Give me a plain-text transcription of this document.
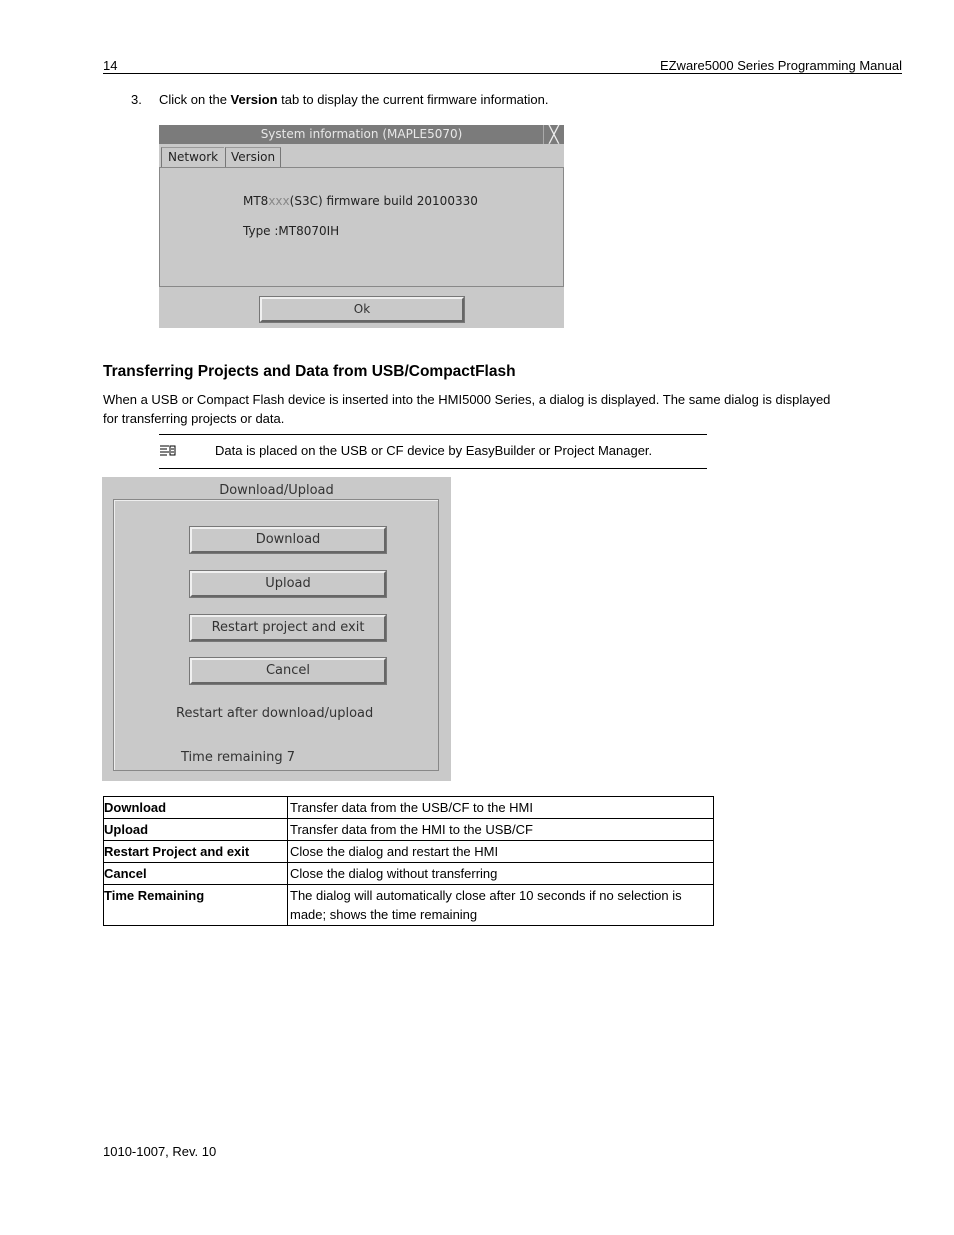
14	EZware5000 Series Programming Manual
3. Click on the Version tab to display the current firmware information.
System information (MAPLE5070)	╳
Network	Version
MT8xxx(S3C) firmware build 20100330
Type :MT8070IH
Ok
Transferring Projects and Data from USB/CompactFlash
When a USB or Compact Flash device is inserted into the HMI5000 Series, a dialog is displayed. The same dialog is displayed for transferring projects or data.
Data is placed on the USB or CF device by EasyBuilder or Project Manager.
Download/Upload
Download
Upload
Restart project and exit
Cancel
Restart after download/upload
Time remaining 7
Download	Transfer data from the USB/CF to the HMI
Upload	Transfer data from the HMI to the USB/CF
Restart Project and exit	Close the dialog and restart the HMI
Cancel	Close the dialog without transferring
Time Remaining	The dialog will automatically close after 10 seconds if no selection is made; shows the time remaining
1010-1007, Rev. 10
